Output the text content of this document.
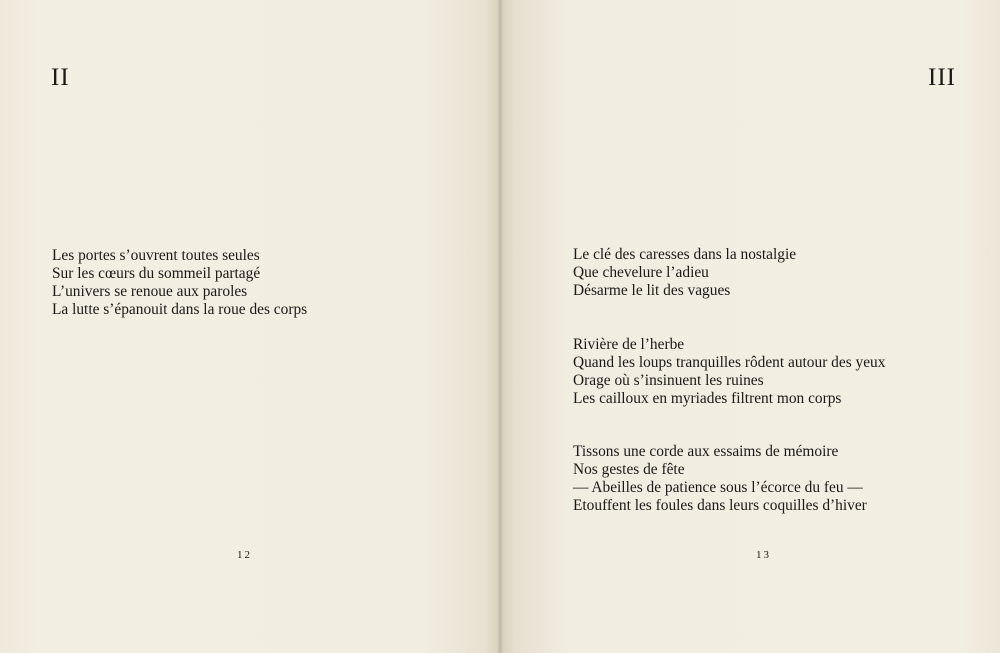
II
Les portes s’ouvrent toutes seules
Sur les cœurs du sommeil partagé
L’univers se renoue aux paroles
La lutte s’épanouit dans la roue des corps
12
III
Le clé des caresses dans la nostalgie
Que chevelure l’adieu
Désarme le lit des vagues
Rivière de l’herbe
Quand les loups tranquilles rôdent autour des yeux
Orage où s’insinuent les ruines
Les cailloux en myriades filtrent mon corps
Tissons une corde aux essaims de mémoire
Nos gestes de fête
— Abeilles de patience sous l’écorce du feu —
Etouffent les foules dans leurs coquilles d’hiver
13
